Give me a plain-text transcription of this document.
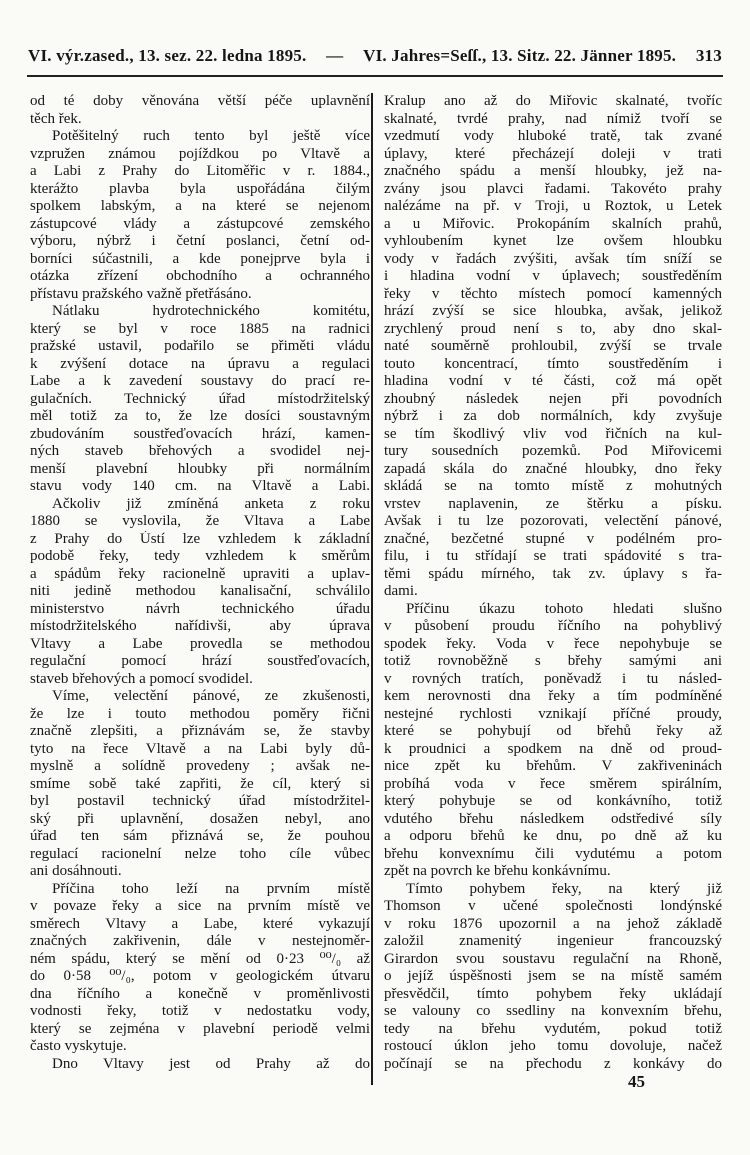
VI. výr.zased., 13. sez. 22. ledna 1895. — VI. Jahres=Seſſ., 13. Sitz. 22. Jänner 1895. 313
od té doby věnována větší péče uplavnění
těch řek.
Potěšitelný ruch tento byl ještě více
vzpružen známou pojíždkou po Vltavě a
a Labi z Prahy do Litoměřic v r. 1884.,
kterážto plavba byla uspořádána čilým
spolkem labským, a na které se nejenom
zástupcové vlády a zástupcové zemského
výboru, nýbrž i četní poslanci, četní od-
borníci súčastnili, a kde ponejprve byla i
otázka zřízení obchodního a ochranného
přístavu pražského važně přetřásáno.
Nátlaku hydrotechnického komitétu,
který se byl v roce 1885 na radnici
pražské ustavil, podařilo se přiměti vládu
k zvýšení dotace na úpravu a regulaci
Labe a k zavedení soustavy do prací re-
gulačních. Technický úřad místodržitelský
měl totiž za to, že lze dosíci soustavným
zbudováním soustřeďovacích hrází, kamen-
ných staveb břehových a svodidel nej-
menší plavební hloubky při normálním
stavu vody 140 cm. na Vltavě a Labi.
Ačkoliv již zmíněná anketa z roku
1880 se vyslovila, že Vltava a Labe
z Prahy do Ústí lze vzhledem k základní
podobě řeky, tedy vzhledem k směrům
a spádům řeky racionelně upraviti a uplav-
niti jedině methodou kanalisační, schválilo
ministerstvo návrh technického úřadu
místodržitelského nařídivši, aby úprava
Vltavy a Labe provedla se methodou
regulační pomocí hrází soustřeďovacích,
staveb břehových a pomocí svodidel.
Víme, velectění pánové, ze zkušenosti,
že lze i touto methodou poměry řični
značně zlepšiti, a přiznávám se, že stavby
tyto na řece Vltavě a na Labi byly dů-
myslně a solídně provedeny ; avšak ne-
smíme sobě také zapřiti, že cíl, který si
byl postavil technický úřad místodržitel-
ský při uplavnění, dosažen nebyl, ano
úřad ten sám přiznává se, že pouhou
regulací racionelní nelze toho cíle vůbec
ani dosáhnouti.
Příčina toho leží na prvním místě
v povaze řeky a sice na prvním místě ve
směrech Vltavy a Labe, které vykazují
značných zakřivenin, dále v nestejnoměr-
ném spádu, který se mění od 0·23 ⁰⁰/₀ až
do 0·58 ⁰⁰/₀, potom v geologickém útvaru
dna říčního a konečně v proměnlivosti
vodnosti řeky, totiž v nedostatku vody,
který se zejména v plavební periodě velmi
často vyskytuje.
Dno Vltavy jest od Prahy až do
Kralup ano až do Miřovic skalnaté, tvoříc
skalnaté, tvrdé prahy, nad nímiž tvoří se
vzedmutí vody hluboké tratě, tak zvané
úplavy, které přecházejí doleji v trati
značného spádu a menší hloubky, jež na-
zvány jsou plavci řadami. Takovéto prahy
nalézáme na př. v Troji, u Roztok, u Letek
a u Miřovic. Prokopáním skalních prahů,
vyhloubením kynet lze ovšem hloubku
vody v řadách zvýšiti, avšak tím sníží se
i hladina vodní v úplavech; soustředěním
řeky v těchto místech pomocí kamenných
hrází zvýší se sice hloubka, avšak, jelikož
zrychlený proud není s to, aby dno skal-
naté souměrně prohloubil, zvýší se trvale
touto koncentrací, tímto soustředěním i
hladina vodní v té části, což má opět
zhoubný následek nejen při povodních
nýbrž i za dob normálních, kdy zvyšuje
se tím škodlivý vliv vod řičních na kul-
tury sousedních pozemků. Pod Miřovicemi
zapadá skála do značné hloubky, dno řeky
skládá se na tomto místě z mohutných
vrstev naplavenin, ze štěrku a písku.
Avšak i tu lze pozorovati, velectění pánové,
značné, bezčetné stupné v podélném pro-
filu, i tu střídají se trati spádovité s tra-
těmi spádu mírného, tak zv. úplavy s řa-
dami.
Příčinu úkazu tohoto hledati slušno
v působení proudu říčního na pohyblivý
spodek řeky. Voda v řece nepohybuje se
totiž rovnoběžně s břehy samými ani
v rovných tratích, poněvadž i tu násled-
kem nerovnosti dna řeky a tím podmíněné
nestejné rychlosti vznikají příčné proudy,
které se pohybují od břehů řeky až
k proudnici a spodkem na dně od proud-
nice zpět ku břehům. V zakřiveninách
probíhá voda v řece směrem spirálním,
který pohybuje se od konkávního, totiž
vdutého břehu následkem odstředivé síly
a odporu břehů ke dnu, po dně až ku
břehu konvexnímu čili vydutému a potom
zpět na povrch ke břehu konkávnímu.
Tímto pohybem řeky, na který již
Thomson v učené společnosti londýnské
v roku 1876 upozornil a na jehož základě
založil znamenitý ingenieur francouzský
Girardon svou soustavu regulační na Rhoně,
o jejíž úspěšnosti jsem se na místě samém
přesvědčil, tímto pohybem řeky ukládají
se valouny co ssedliny na konvexním břehu,
tedy na břehu vydutém, pokud totiž
rostoucí úklon jeho tomu dovoluje, načež
počínají se na přechodu z konkávy do
45
